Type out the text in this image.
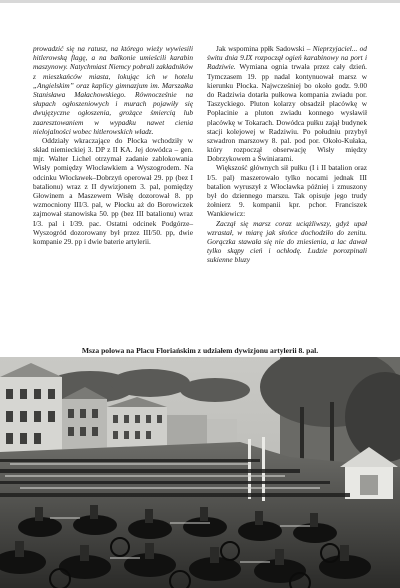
prowadzić się na ratusz, na którego wieży wywiesili hitlerowską flagę, a na balkonie umieścili karabin maszynowy. Natychmiast Niemcy pobrali zakładników z mieszkańców miasta, lokując ich w hotelu „Angielskim” oraz kaplicy gimnazjum im. Marszałka Stanisława Małachowskiego. Równocześnie na słupach ogłoszeniowych i murach pojawiły się dwujęzyczne ogłoszenia, grożące śmiercią lub zaaresztowaniem w wypadku nawet cienia nielojalności wobec hitlerowskich władz.

Oddziały wkraczające do Płocka wchodziły w skład niemieckiej 3. DP z II KA. Jej dowódca – gen. mjr. Walter Lichel otrzymał zadanie zablokowania Wisły pomiędzy Włocławkiem a Wyszogrodem. Na odcinku Włocławek–Dobrzyń operował 29. pp (bez I batalionu) wraz z II dywizjonem 3. pal, pomiędzy Głowinem a Maszewem Wisłę dozorował 8. pp wzmocniony III/3. pal, w Płocku aż do Borowiczek zajmował stanowiska 50. pp (bez III batalionu) wraz I/3. pal i I/39. pac. Ostatni odcinek Podgórze–Wyszogród dozorowany był przez III/50. pp, dwie kompanie 29. pp i dwie baterie artylerii.

Jak wspomina ppłk Sadowski – Nieprzyjaciel... od świtu dnia 9.IX rozpoczął ogień karabinowy na port i Radziwie. Wymiana ognia trwała przez cały dzień. Tymczasem 19. pp nadal kontynuował marsz w kierunku Płocka. Najwcześniej bo około godz. 9.00 do Radziwia dotarła pułkowa kompania zwiadu por. Taszyckiego. Pluton kolarzy obsadził placówkę w Popłacinie a pluton zwiadu konnego wysławił placówkę w Tokarach. Dowódca pułku zajął budynek stacji kolejowej w Radziwiu. Po południu przybył szwadron marszowy 8. pal. pod por. Około-Kułaka, który rozpoczął obserwację Wisły między Dobrzykowem a Świniarami.

Większość głównych sił pułku (I i II batalion oraz I/5. pal) maszerowało tylko nocami jednak III batalion wyruszył z Włocławka później i zmuszony był do dziennego marszu. Tak opisuje jego trudy żołnierz 9. kompanii kpr. pchor. Franciszek Wankiewicz:

Zaczął się marsz coraz uciążliwszy, gdyż upał wzrastał, w miarę jak słońce dochodziło do zenitu. Gorączka stawała się nie do zniesienia, a lac dawał tylko skąpy cień i ochłodę. Ludzie porozpinali sukienne bluzy

Msza polowa na Placu Floriańskim z udziałem dywizjonu artylerii 8. pal.
